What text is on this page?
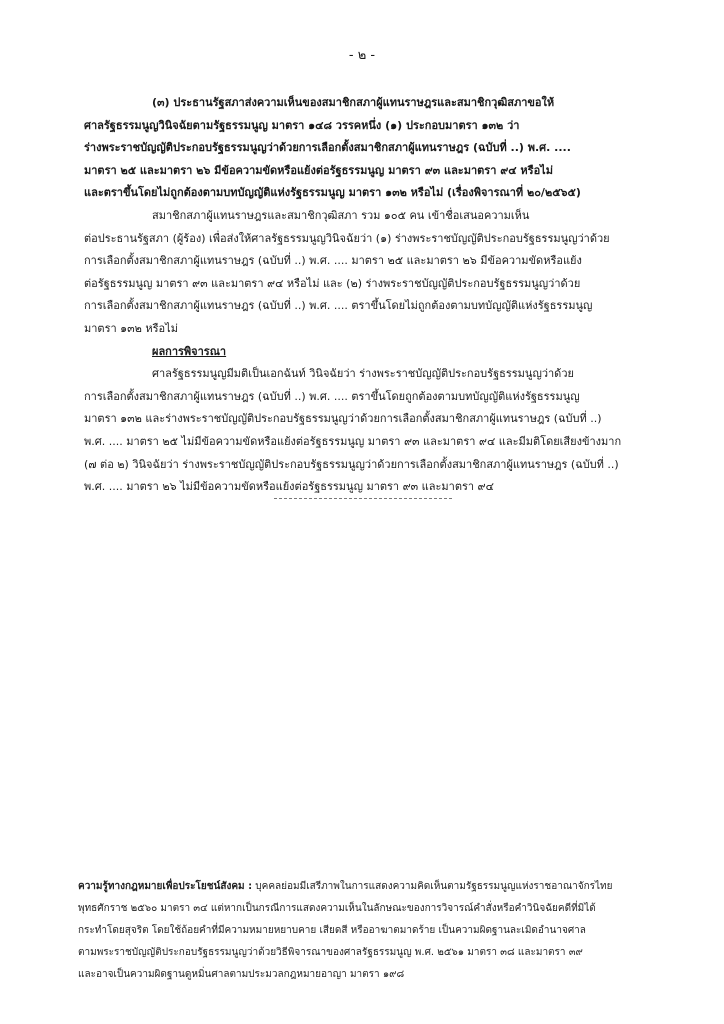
- ๒ -
(๓) ประธานรัฐสภาส่งความเห็นของสมาชิกสภาผู้แทนราษฎรและสมาชิกวุฒิสภาขอให้
ศาลรัฐธรรมนูญวินิจฉัยตามรัฐธรรมนูญ มาตรา ๑๔๘ วรรคหนึ่ง (๑) ประกอบมาตรา ๑๓๒ ว่า
ร่างพระราชบัญญัติประกอบรัฐธรรมนูญว่าด้วยการเลือกตั้งสมาชิกสภาผู้แทนราษฎร (ฉบับที่ ..) พ.ศ. ....
มาตรา ๒๕ และมาตรา ๒๖ มีข้อความขัดหรือแย้งต่อรัฐธรรมนูญ มาตรา ๙๓ และมาตรา ๙๔ หรือไม่
และตราขึ้นโดยไม่ถูกต้องตามบทบัญญัติแห่งรัฐธรรมนูญ มาตรา ๑๓๒ หรือไม่ (เรื่องพิจารณาที่ ๒๐/๒๕๖๕)
สมาชิกสภาผู้แทนราษฎรและสมาชิกวุฒิสภา รวม ๑๐๕ คน เข้าชื่อเสนอความเห็น
ต่อประธานรัฐสภา (ผู้ร้อง) เพื่อส่งให้ศาลรัฐธรรมนูญวินิจฉัยว่า (๑) ร่างพระราชบัญญัติประกอบรัฐธรรมนูญว่าด้วย
การเลือกตั้งสมาชิกสภาผู้แทนราษฎร (ฉบับที่ ..) พ.ศ. .... มาตรา ๒๕ และมาตรา ๒๖ มีข้อความขัดหรือแย้ง
ต่อรัฐธรรมนูญ มาตรา ๙๓ และมาตรา ๙๔ หรือไม่ และ (๒) ร่างพระราชบัญญัติประกอบรัฐธรรมนูญว่าด้วย
การเลือกตั้งสมาชิกสภาผู้แทนราษฎร (ฉบับที่ ..) พ.ศ. .... ตราขึ้นโดยไม่ถูกต้องตามบทบัญญัติแห่งรัฐธรรมนูญ
มาตรา ๑๓๒ หรือไม่
ผลการพิจารณา
ศาลรัฐธรรมนูญมีมติเป็นเอกฉันท์ วินิจฉัยว่า ร่างพระราชบัญญัติประกอบรัฐธรรมนูญว่าด้วย
การเลือกตั้งสมาชิกสภาผู้แทนราษฎร (ฉบับที่ ..) พ.ศ. .... ตราขึ้นโดยถูกต้องตามบทบัญญัติแห่งรัฐธรรมนูญ
มาตรา ๑๓๒ และร่างพระราชบัญญัติประกอบรัฐธรรมนูญว่าด้วยการเลือกตั้งสมาชิกสภาผู้แทนราษฎร (ฉบับที่ ..)
พ.ศ. .... มาตรา ๒๕ ไม่มีข้อความขัดหรือแย้งต่อรัฐธรรมนูญ มาตรา ๙๓ และมาตรา ๙๔ และมีมติโดยเสียงข้างมาก
(๗ ต่อ ๒) วินิจฉัยว่า ร่างพระราชบัญญัติประกอบรัฐธรรมนูญว่าด้วยการเลือกตั้งสมาชิกสภาผู้แทนราษฎร (ฉบับที่ ..)
พ.ศ. .... มาตรา ๒๖ ไม่มีข้อความขัดหรือแย้งต่อรัฐธรรมนูญ มาตรา ๙๓ และมาตรา ๙๔
ความรู้ทางกฎหมายเพื่อประโยชน์สังคม : บุคคลย่อมมีเสรีภาพในการแสดงความคิดเห็นตามรัฐธรรมนูญแห่งราชอาณาจักรไทย
พุทธศักราช ๒๕๖๐ มาตรา ๓๔ แต่หากเป็นกรณีการแสดงความเห็นในลักษณะของการวิจารณ์คำสั่งหรือคำวินิจฉัยคดีที่มิได้
กระทำโดยสุจริต โดยใช้ถ้อยคำที่มีความหมายหยาบคาย เสียดสี หรืออาฆาตมาดร้าย เป็นความผิดฐานละเมิดอำนาจศาล
ตามพระราชบัญญัติประกอบรัฐธรรมนูญว่าด้วยวิธีพิจารณาของศาลรัฐธรรมนูญ พ.ศ. ๒๕๖๑ มาตรา ๓๘ และมาตรา ๓๙
และอาจเป็นความผิดฐานดูหมิ่นศาลตามประมวลกฎหมายอาญา มาตรา ๑๙๘
